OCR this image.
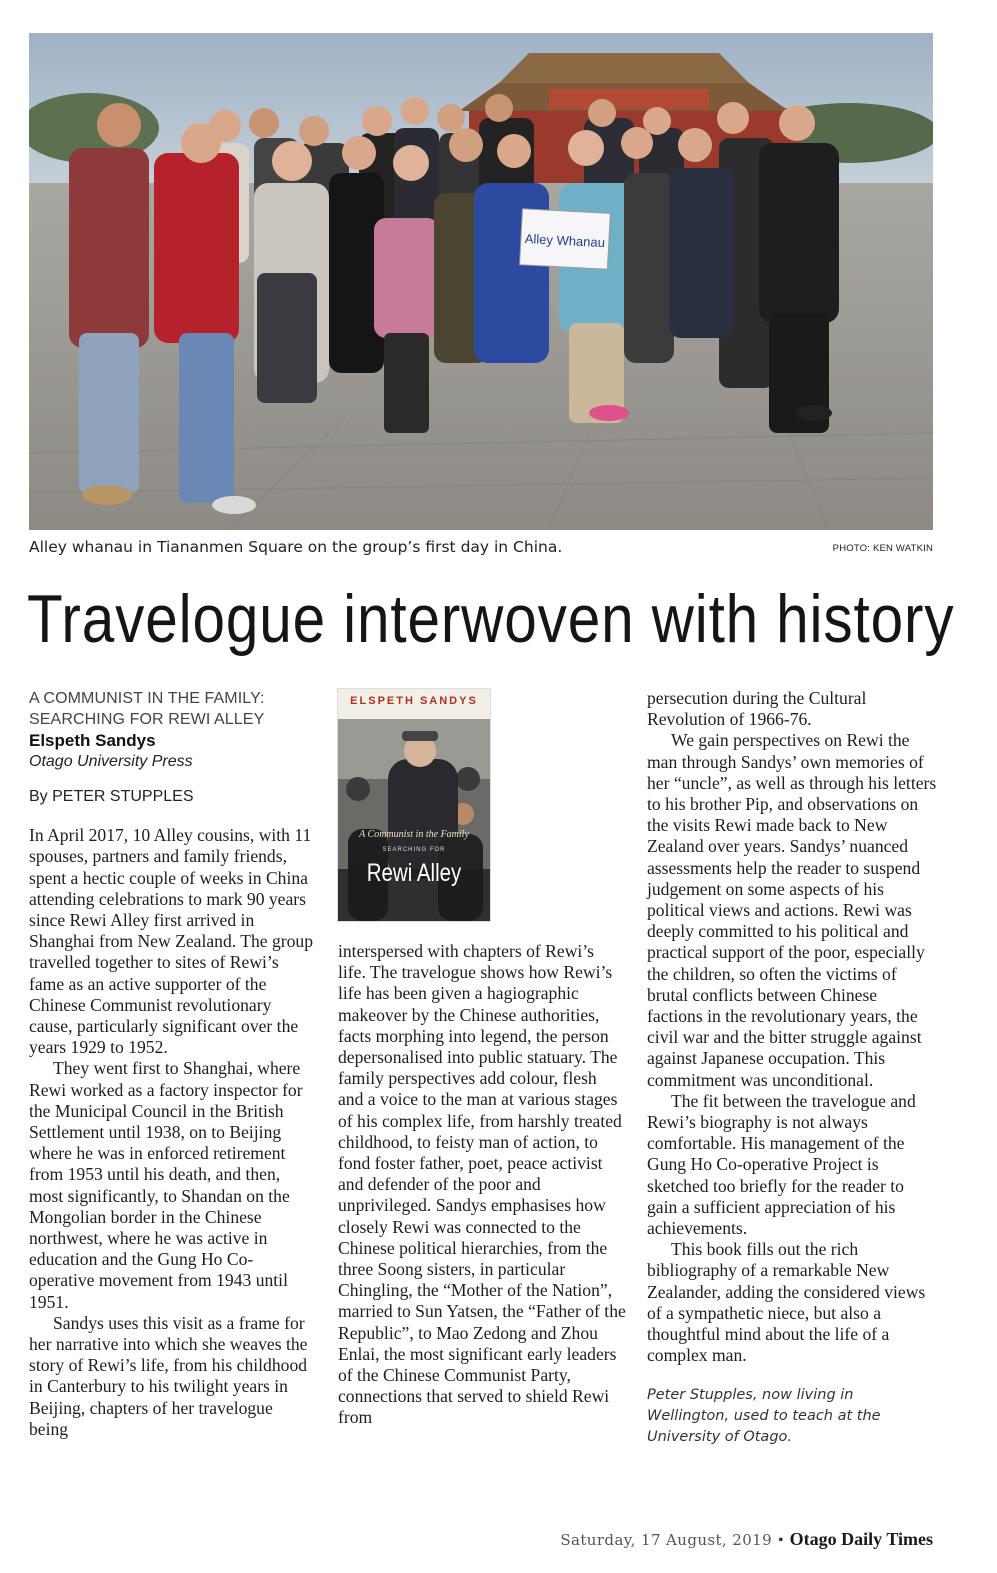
Alley Whanau
Alley whanau in Tiananmen Square on the group’s first day in China.	PHOTO: KEN WATKIN
Travelogue interwoven with history
A COMMUNIST IN THE FAMILY:
SEARCHING FOR REWI ALLEY
Elspeth Sandys
Otago University Press
By PETER STUPPLES

In April 2017, 10 Alley cousins, with 11 spouses, partners and family friends, spent a hectic couple of weeks in China attending celebrations to mark 90 years since Rewi Alley first arrived in Shanghai from New Zealand. The group travelled together to sites of Rewi’s fame as an active supporter of the Chinese Communist revolutionary cause, particularly significant over the years 1929 to 1952.

They went first to Shanghai, where Rewi worked as a factory inspector for the Municipal Council in the British Settlement until 1938, on to Beijing where he was in enforced retirement from 1953 until his death, and then, most significantly, to Shandan on the Mongolian border in the Chinese northwest, where he was active in education and the Gung Ho Co-operative movement from 1943 until 1951.

Sandys uses this visit as a frame for her narrative into which she weaves the story of Rewi’s life, from his childhood in Canterbury to his twilight years in Beijing, chapters of her travelogue being

ELSPETH SANDYS
A Communist in the Family
SEARCHING FOR
Rewi Alley

interspersed with chapters of Rewi’s life. The travelogue shows how Rewi’s life has been given a hagiographic makeover by the Chinese authorities, facts morphing into legend, the person depersonalised into public statuary. The family perspectives add colour, flesh and a voice to the man at various stages of his complex life, from harshly treated childhood, to feisty man of action, to fond foster father, poet, peace activist and defender of the poor and unprivileged. Sandys emphasises how closely Rewi was connected to the Chinese political hierarchies, from the three Soong sisters, in particular Chingling, the “Mother of the Nation”, married to Sun Yatsen, the “Father of the Republic”, to Mao Zedong and Zhou Enlai, the most significant early leaders of the Chinese Communist Party, connections that served to shield Rewi from

persecution during the Cultural Revolution of 1966-76.

We gain perspectives on Rewi the man through Sandys’ own memories of her “uncle”, as well as through his letters to his brother Pip, and observations on the visits Rewi made back to New Zealand over years. Sandys’ nuanced assessments help the reader to suspend judgement on some aspects of his political views and actions. Rewi was deeply committed to his political and practical support of the poor, especially the children, so often the victims of brutal conflicts between Chinese factions in the revolutionary years, the civil war and the bitter struggle against against Japanese occupation. This commitment was unconditional.

The fit between the travelogue and Rewi’s biography is not always comfortable. His management of the Gung Ho Co-operative Project is sketched too briefly for the reader to gain a sufficient appreciation of his achievements.

This book fills out the rich bibliography of a remarkable New Zealander, adding the considered views of a sympathetic niece, but also a thoughtful mind about the life of a complex man.

Peter Stupples, now living in Wellington, used to teach at the University of Otago.

Saturday, 17 August, 2019 • Otago Daily Times
